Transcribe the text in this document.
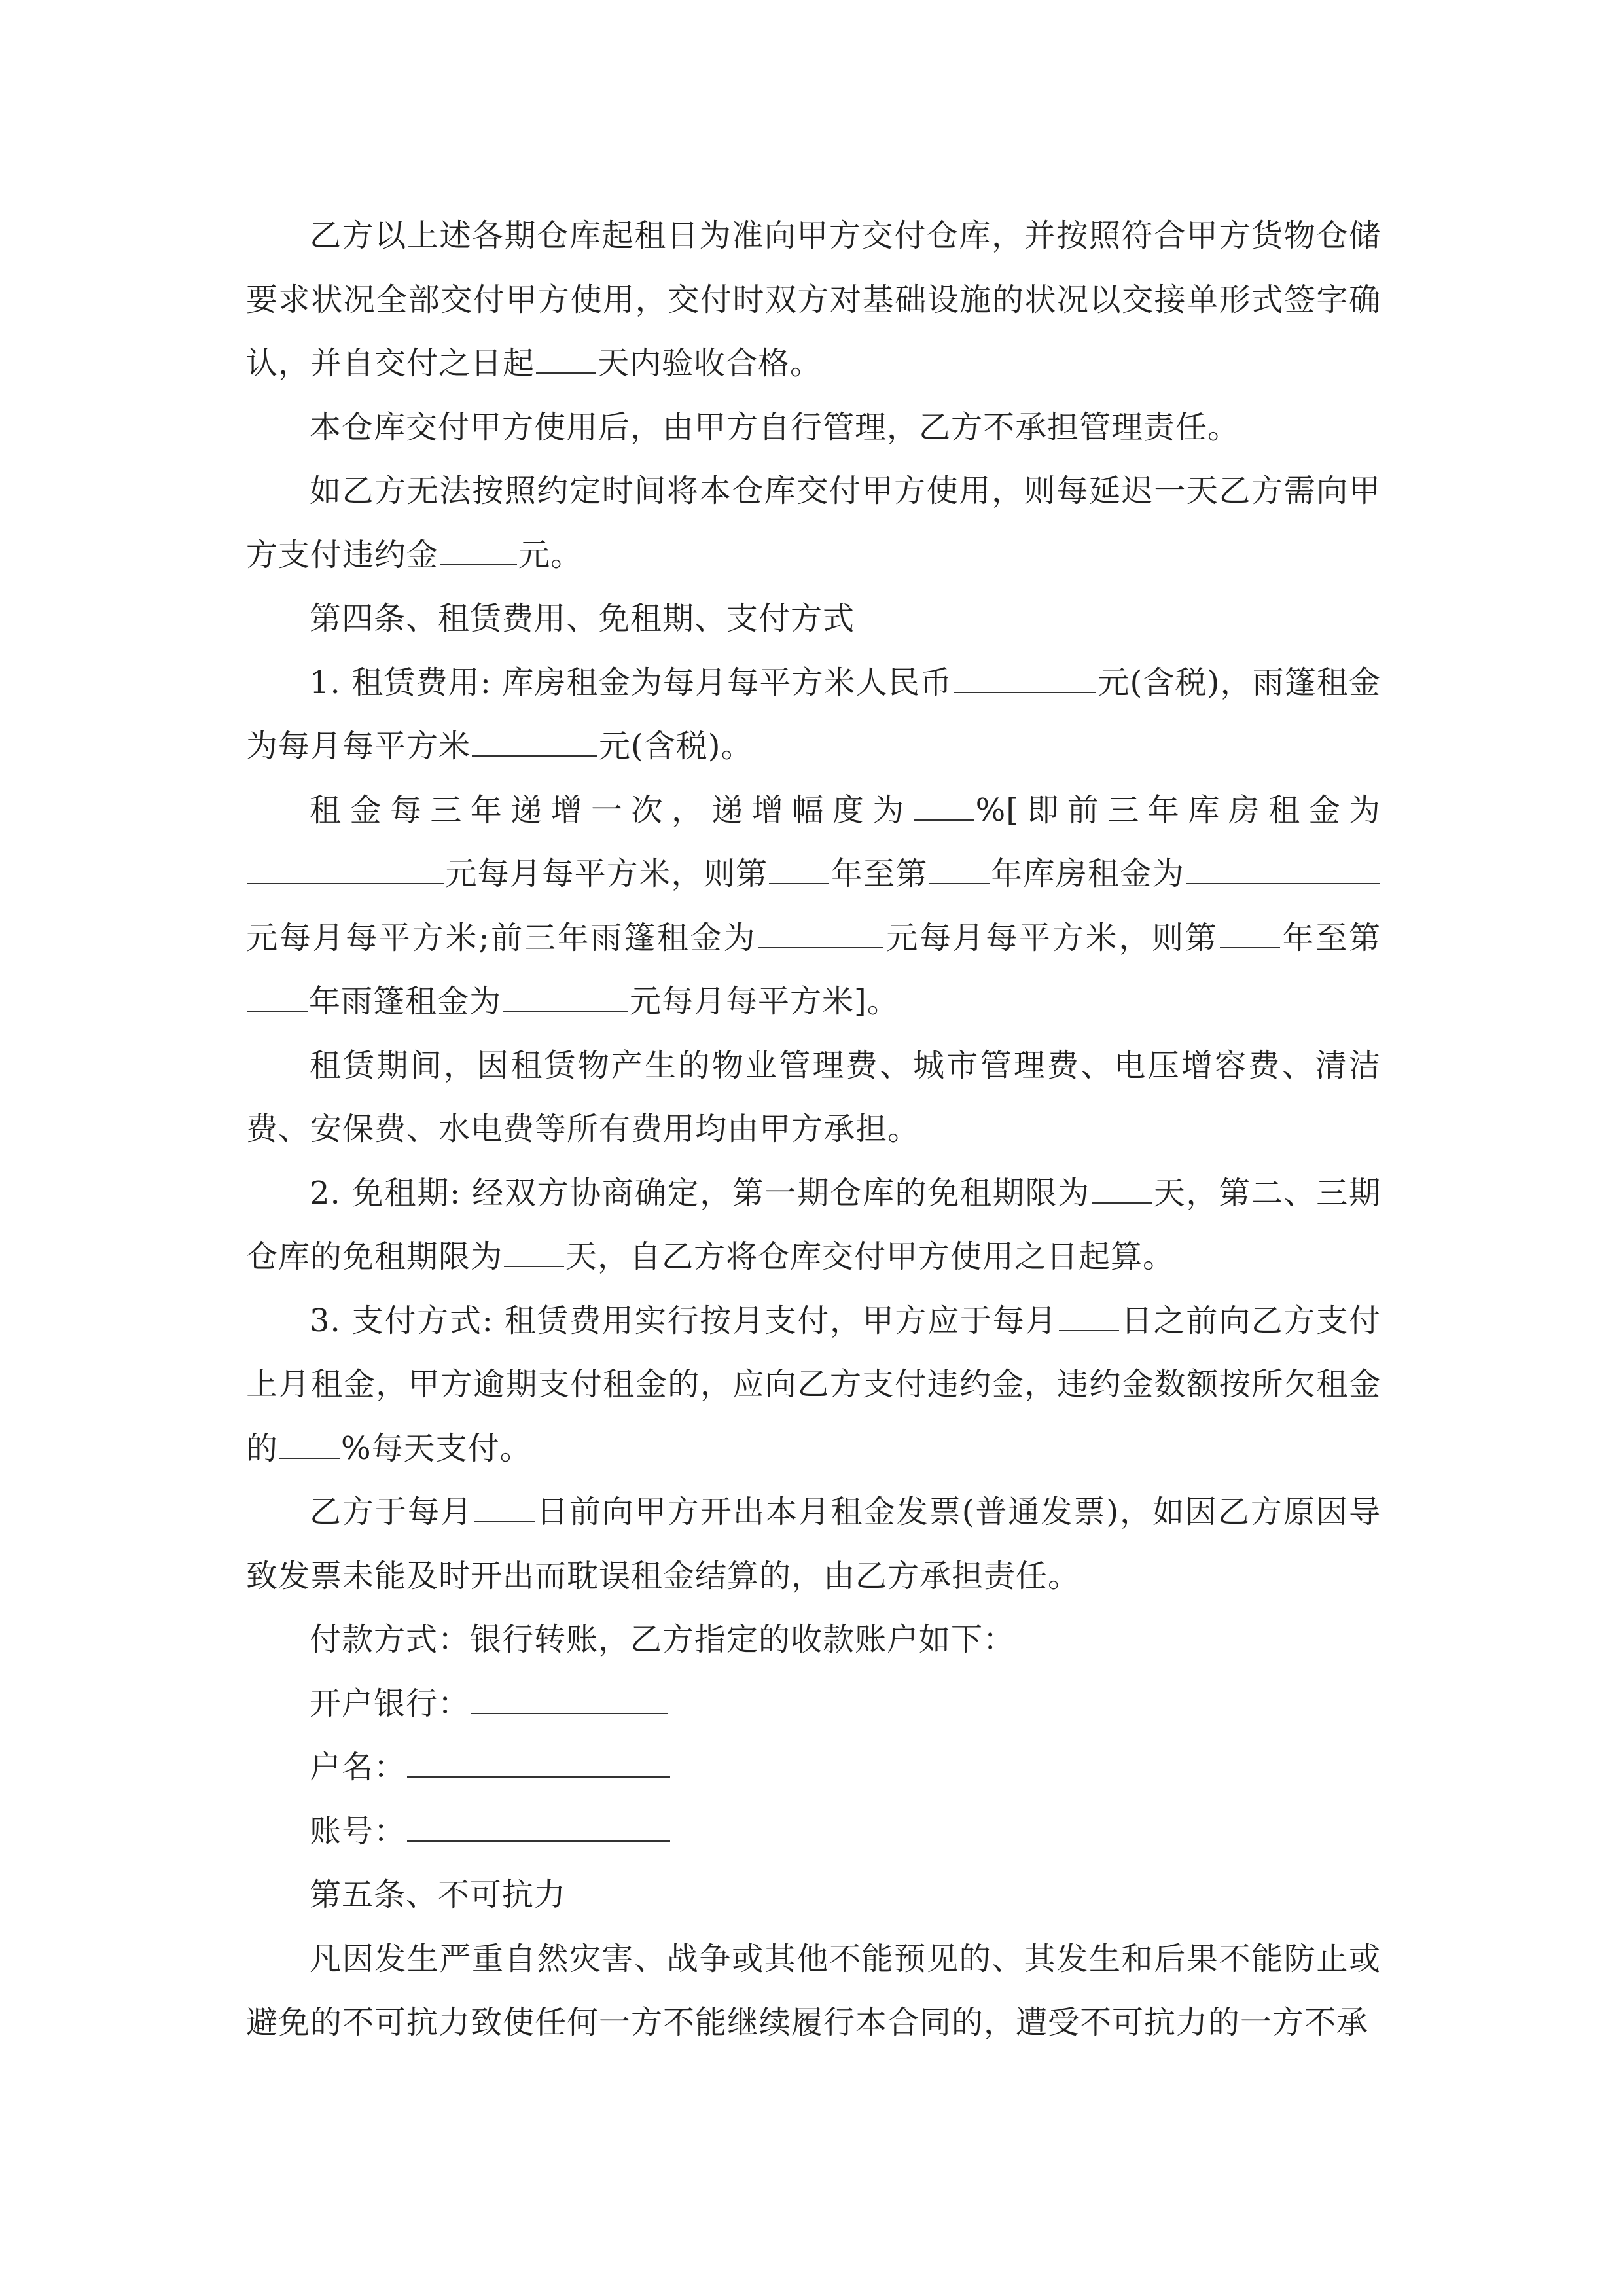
乙方以上述各期仓库起租日为准向甲方交付仓库，并按照符合甲方货物仓储要求状况全部交付甲方使用，交付时双方对基础设施的状况以交接单形式签字确认，并自交付之日起 天内验收合格。

本仓库交付甲方使用后，由甲方自行管理，乙方不承担管理责任。

如乙方无法按照约定时间将本仓库交付甲方使用，则每延迟一天乙方需向甲方支付违约金	元。

第四条、租赁费用、免租期、支付方式

1. 租赁费用: 库房租金为每月每平方米人民币	元(含税)，雨篷租金为每月每平方米	元(含税)。

租金每三年递增一次，递增幅度为 %[即前三年库房租金为元每月每平方米，则第 年至第 年库房租金为元每月每平方米;前三年雨篷租金为	元每月每平方米，则第 年至第年雨篷租金为	元每月每平方米]。

租赁期间，因租赁物产生的物业管理费、城市管理费、电压增容费、清洁费、安保费、水电费等所有费用均由甲方承担。

2. 免租期: 经双方协商确定，第一期仓库的免租期限为 天，第二、三期仓库的免租期限为 天，自乙方将仓库交付甲方使用之日起算。

3. 支付方式: 租赁费用实行按月支付，甲方应于每月 日之前向乙方支付上月租金，甲方逾期支付租金的，应向乙方支付违约金，违约金数额按所欠租金的 %每天支付。

乙方于每月 日前向甲方开出本月租金发票(普通发票)，如因乙方原因导致发票未能及时开出而耽误租金结算的，由乙方承担责任。

付款方式：银行转账，乙方指定的收款账户如下：

开户银行：

户名：

账号：

第五条、不可抗力

凡因发生严重自然灾害、战争或其他不能预见的、其发生和后果不能防止或避免的不可抗力致使任何一方不能继续履行本合同的，遭受不可抗力的一方不承
